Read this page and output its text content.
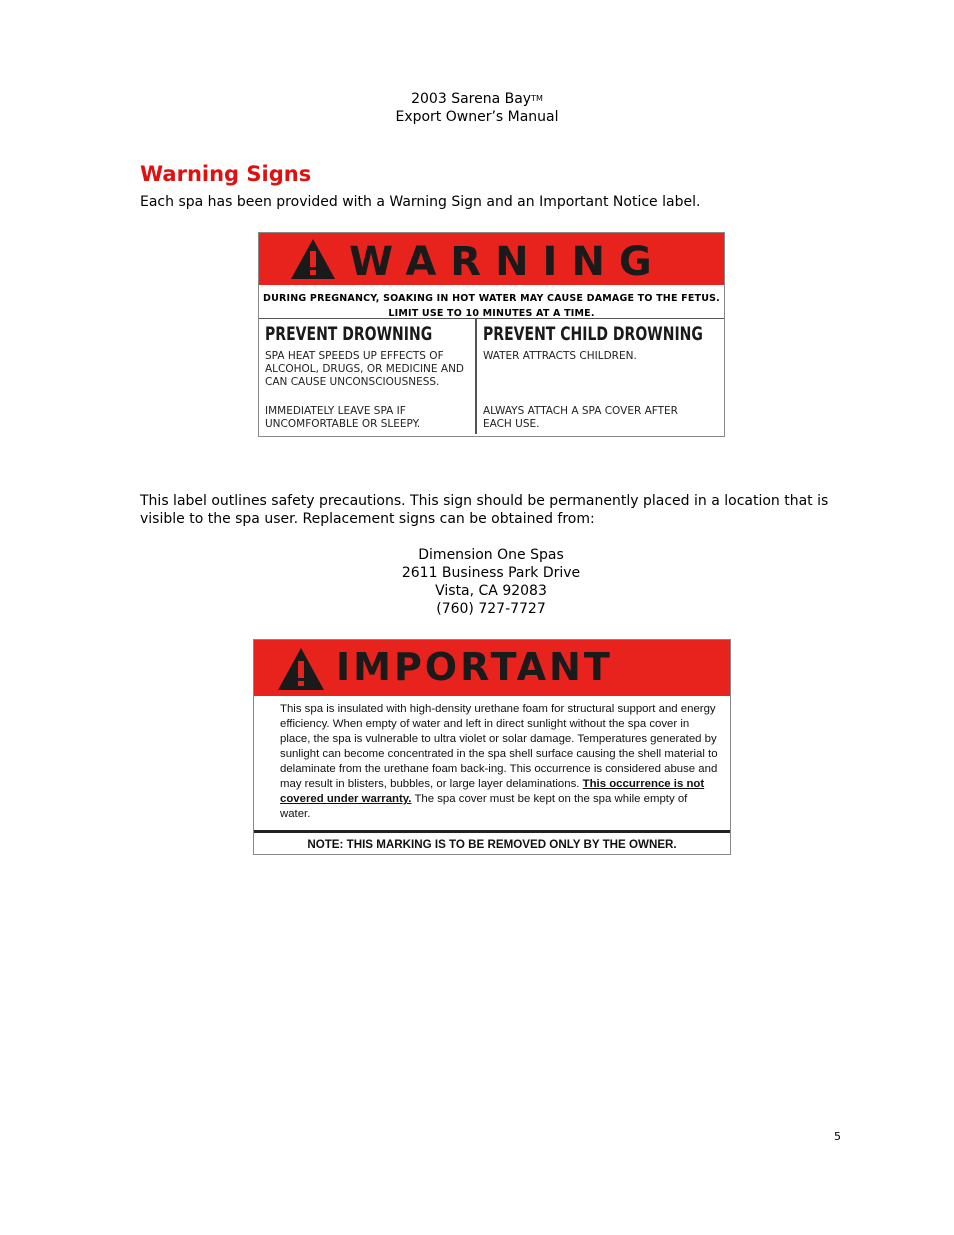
2003 Sarena Bay™
Export Owner’s Manual
Warning Signs
Each spa has been provided with a Warning Sign and an Important Notice label.
WARNING
DURING PREGNANCY, SOAKING IN HOT WATER MAY CAUSE DAMAGE TO THE FETUS.
LIMIT USE TO 10 MINUTES AT A TIME.
PREVENT DROWNING
SPA HEAT SPEEDS UP EFFECTS OF ALCOHOL, DRUGS, OR MEDICINE AND CAN CAUSE UNCONSCIOUSNESS.
IMMEDIATELY LEAVE SPA IF UNCOMFORTABLE OR SLEEPY.
PREVENT CHILD DROWNING
WATER ATTRACTS CHILDREN.
ALWAYS ATTACH A SPA COVER AFTER EACH USE.
This label outlines safety precautions. This sign should be permanently placed in a location that is visible to the spa user. Replacement signs can be obtained from:
Dimension One Spas
2611 Business Park Drive
Vista, CA 92083
(760) 727-7727
IMPORTANT
This spa is insulated with high-density urethane foam for structural support and energy efficiency. When empty of water and left in direct sunlight without the spa cover in place, the spa is vulnerable to ultra violet or solar damage. Temperatures generated by sunlight can become concentrated in the spa shell surface causing the shell material to delaminate from the urethane foam back-ing. This occurrence is considered abuse and may result in blisters, bubbles, or large layer delaminations. This occurrence is not covered under warranty. The spa cover must be kept on the spa while empty of water.
NOTE: THIS MARKING IS TO BE REMOVED ONLY BY THE OWNER.
5
